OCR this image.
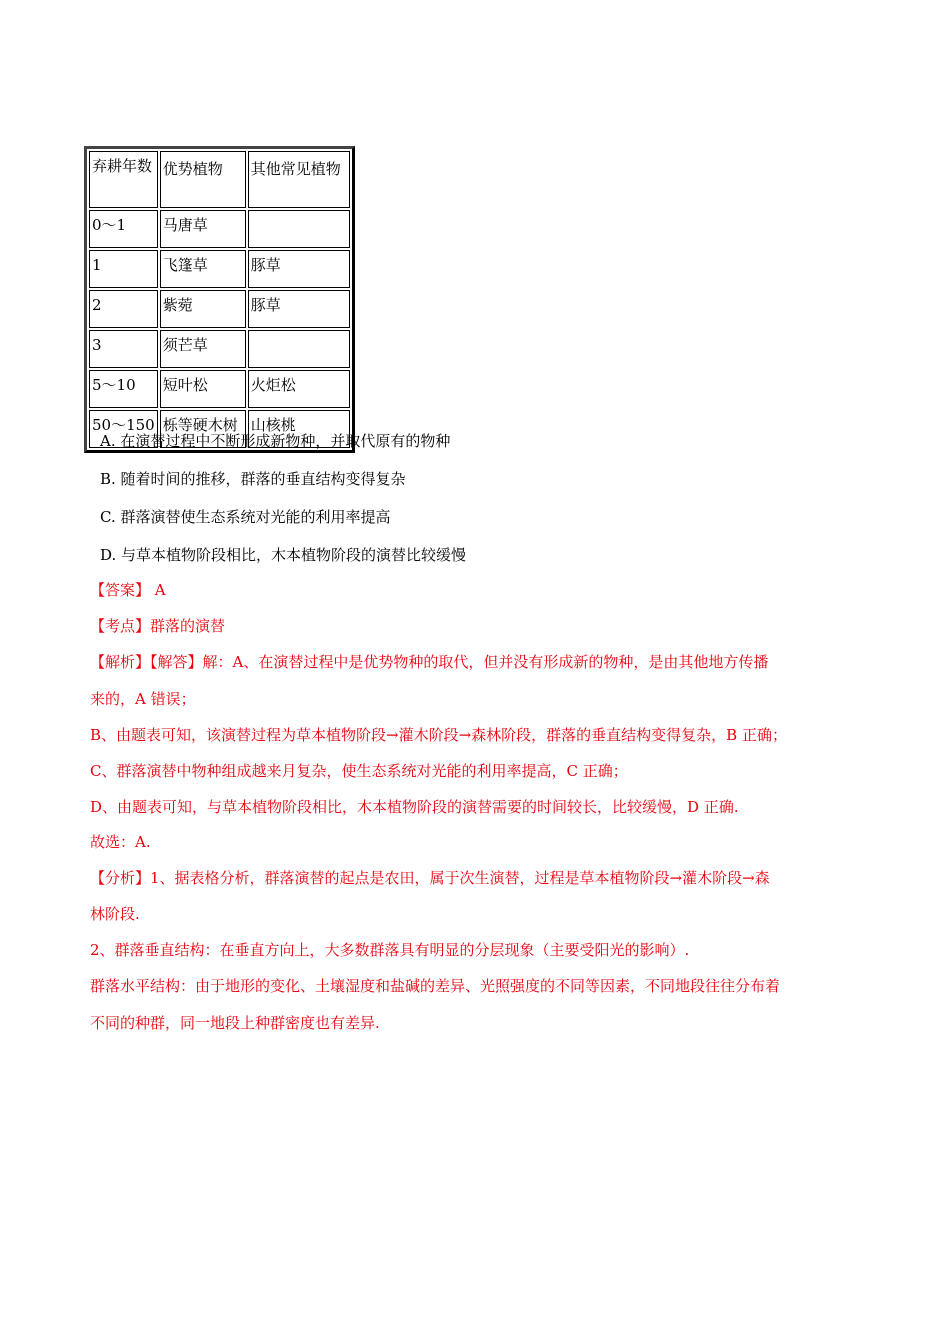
弃耕年数	优势植物	其他常见植物
0～1	马唐草	
1	飞篷草	豚草
2	紫菀	豚草
3	须芒草	
5～10	短叶松	火炬松
50～150	栎等硬木树	山核桃
A. 在演替过程中不断形成新物种，并取代原有的物种
B. 随着时间的推移，群落的垂直结构变得复杂
C. 群落演替使生态系统对光能的利用率提高
D. 与草本植物阶段相比，木本植物阶段的演替比较缓慢
【答案】 A
【考点】群落的演替
【解析】【解答】解：A、在演替过程中是优势物种的取代，但并没有形成新的物种，是由其他地方传播
来的，A 错误；
B、由题表可知，该演替过程为草本植物阶段→灌木阶段→森林阶段，群落的垂直结构变得复杂，B 正确；
C、群落演替中物种组成越来月复杂，使生态系统对光能的利用率提高，C 正确；
D、由题表可知，与草本植物阶段相比，木本植物阶段的演替需要的时间较长，比较缓慢，D 正确.
故选：A.
【分析】1、据表格分析，群落演替的起点是农田，属于次生演替，过程是草本植物阶段→灌木阶段→森
林阶段.
2、群落垂直结构：在垂直方向上，大多数群落具有明显的分层现象（主要受阳光的影响）.
群落水平结构：由于地形的变化、土壤湿度和盐碱的差异、光照强度的不同等因素，不同地段往往分布着
不同的种群，同一地段上种群密度也有差异.
